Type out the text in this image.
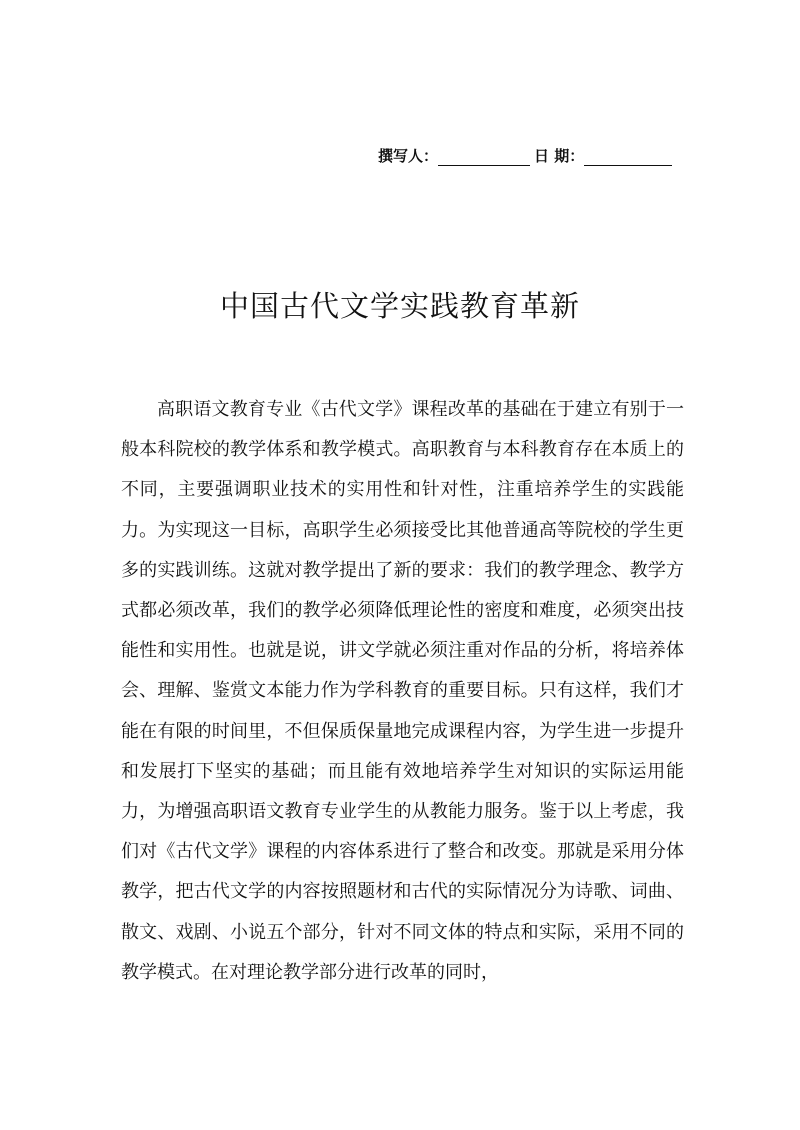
撰写人：	日 期：
中国古代文学实践教育革新

高职语文教育专业《古代文学》课程改革的基础在于建立有别于一般本科院校的教学体系和教学模式。高职教育与本科教育存在本质上的不同，主要强调职业技术的实用性和针对性，注重培养学生的实践能力。为实现这一目标，高职学生必须接受比其他普通高等院校的学生更多的实践训练。这就对教学提出了新的要求：我们的教学理念、教学方式都必须改革，我们的教学必须降低理论性的密度和难度，必须突出技能性和实用性。也就是说，讲文学就必须注重对作品的分析，将培养体会、理解、鉴赏文本能力作为学科教育的重要目标。只有这样，我们才能在有限的时间里，不但保质保量地完成课程内容，为学生进一步提升和发展打下坚实的基础；而且能有效地培养学生对知识的实际运用能力，为增强高职语文教育专业学生的从教能力服务。鉴于以上考虑，我们对《古代文学》课程的内容体系进行了整合和改变。那就是采用分体教学，把古代文学的内容按照题材和古代的实际情况分为诗歌、词曲、散文、戏剧、小说五个部分，针对不同文体的特点和实际，采用不同的教学模式。在对理论教学部分进行改革的同时，
